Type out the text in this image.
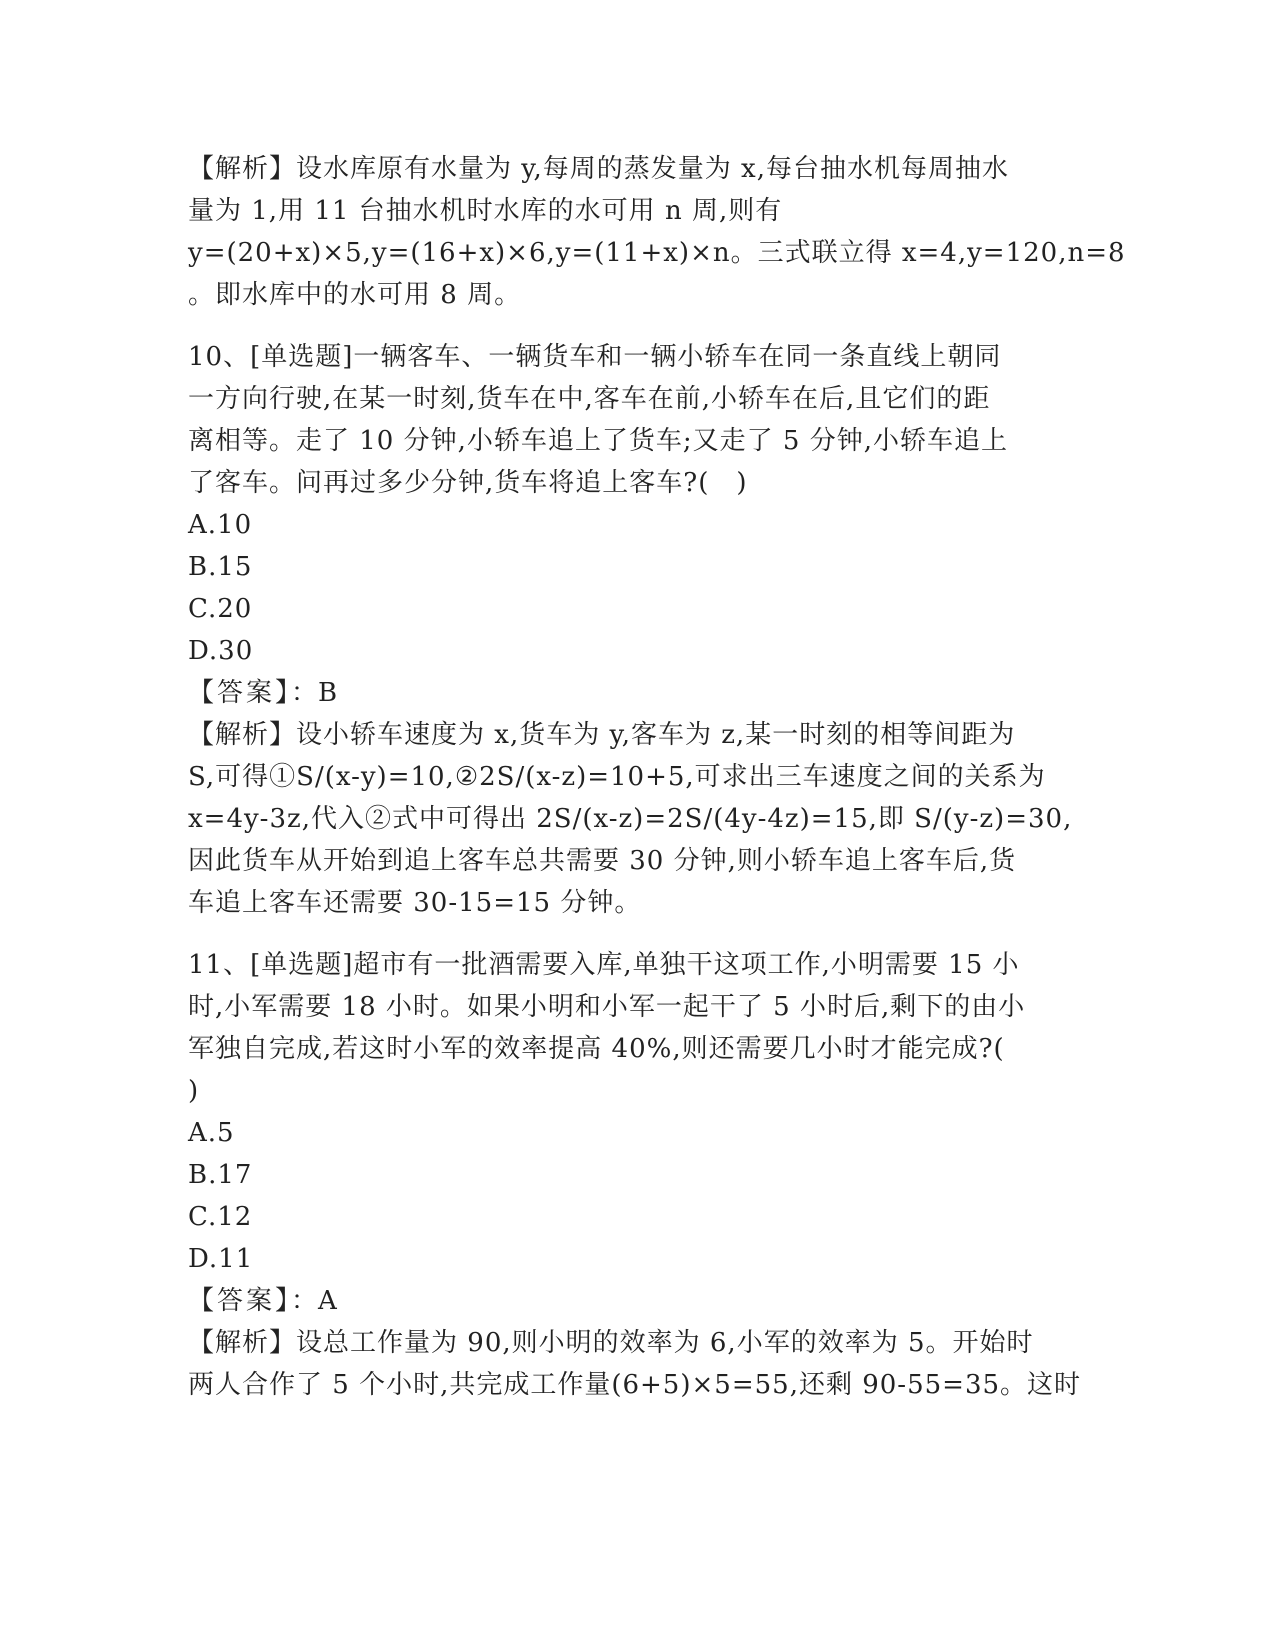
【解析】设水库原有水量为 y,每周的蒸发量为 x,每台抽水机每周抽水
量为 1,用 11 台抽水机时水库的水可用 n 周,则有
y=(20+x)×5,y=(16+x)×6,y=(11+x)×n。三式联立得 x=4,y=120,n=8
。即水库中的水可用 8 周。
10、[单选题]一辆客车、一辆货车和一辆小轿车在同一条直线上朝同
一方向行驶,在某一时刻,货车在中,客车在前,小轿车在后,且它们的距
离相等。走了 10 分钟,小轿车追上了货车;又走了 5 分钟,小轿车追上
了客车。问再过多少分钟,货车将追上客车?(　)
A.10
B.15
C.20
D.30
【答案】：B
【解析】设小轿车速度为 x,货车为 y,客车为 z,某一时刻的相等间距为
S,可得①S/(x-y)=10,②2S/(x-z)=10+5,可求出三车速度之间的关系为
x=4y-3z,代入②式中可得出 2S/(x-z)=2S/(4y-4z)=15,即 S/(y-z)=30,
因此货车从开始到追上客车总共需要 30 分钟,则小轿车追上客车后,货
车追上客车还需要 30-15=15 分钟。
11、[单选题]超市有一批酒需要入库,单独干这项工作,小明需要 15 小
时,小军需要 18 小时。如果小明和小军一起干了 5 小时后,剩下的由小
军独自完成,若这时小军的效率提高 40%,则还需要几小时才能完成?(
)
A.5
B.17
C.12
D.11
【答案】：A
【解析】设总工作量为 90,则小明的效率为 6,小军的效率为 5。开始时
两人合作了 5 个小时,共完成工作量(6+5)×5=55,还剩 90-55=35。这时
